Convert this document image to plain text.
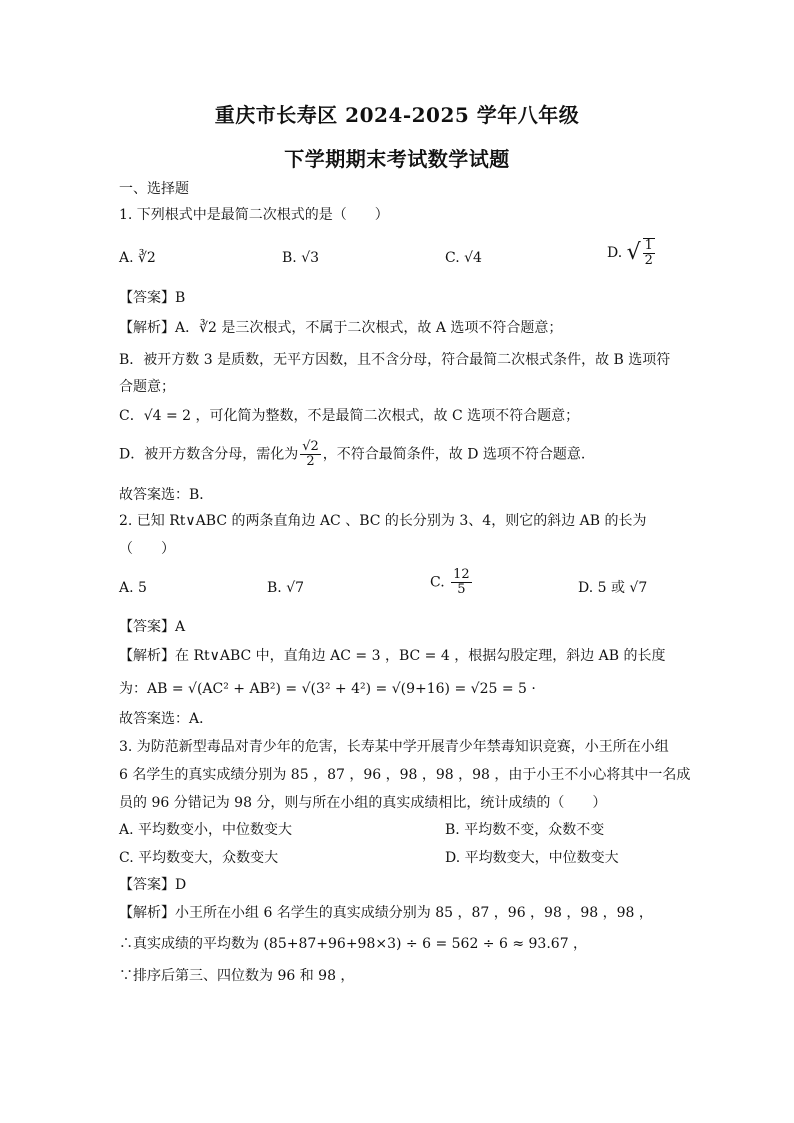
重庆市长寿区 2024-2025 学年八年级
下学期期末考试数学试题
一、选择题
1. 下列根式中是最简二次根式的是（　　）
A. ∛2	B. √3	C. √4	D. √ $\frac{1}{2}$
【答案】B
【解析】A．∛2 是三次根式，不属于二次根式，故 A 选项不符合题意；
B．被开方数 3 是质数，无平方因数，且不含分母，符合最简二次根式条件，故 B 选项符
合题意；
C．√4 = 2 ，可化简为整数，不是最简二次根式，故 C 选项不符合题意；
D．被开方数含分母，需化为 $\frac{√2}{2}$ ，不符合最简条件，故 D 选项不符合题意.
故答案选：B．
2. 已知 Rt∨ABC 的两条直角边 AC 、BC 的长分别为 3、4，则它的斜边 AB 的长为
（　　）
A. 5	B. √7	C. $\frac{12}{5}$	D. 5 或 √7
【答案】A
【解析】在 Rt∨ABC 中，直角边 AC = 3 ，BC = 4 ，根据勾股定理，斜边 AB 的长度
为：AB = √(AC² + AB²) = √(3² + 4²) = √(9+16) = √25 = 5 ·
故答案选：A．
3. 为防范新型毒品对青少年的危害，长寿某中学开展青少年禁毒知识竞赛，小王所在小组
6 名学生的真实成绩分别为 85 ，87 ，96 ，98 ，98 ，98 ，由于小王不小心将其中一名成
员的 96 分错记为 98 分，则与所在小组的真实成绩相比，统计成绩的（　　）
A. 平均数变小，中位数变大	B. 平均数不变，众数不变
C. 平均数变大，众数变大	D. 平均数变大，中位数变大
【答案】D
【解析】小王所在小组 6 名学生的真实成绩分别为 85 ，87 ，96 ，98 ，98 ，98 ，
∴真实成绩的平均数为 (85+87+96+98×3) ÷ 6 = 562 ÷ 6 ≈ 93.67 ，
∵排序后第三、四位数为 96 和 98 ，
